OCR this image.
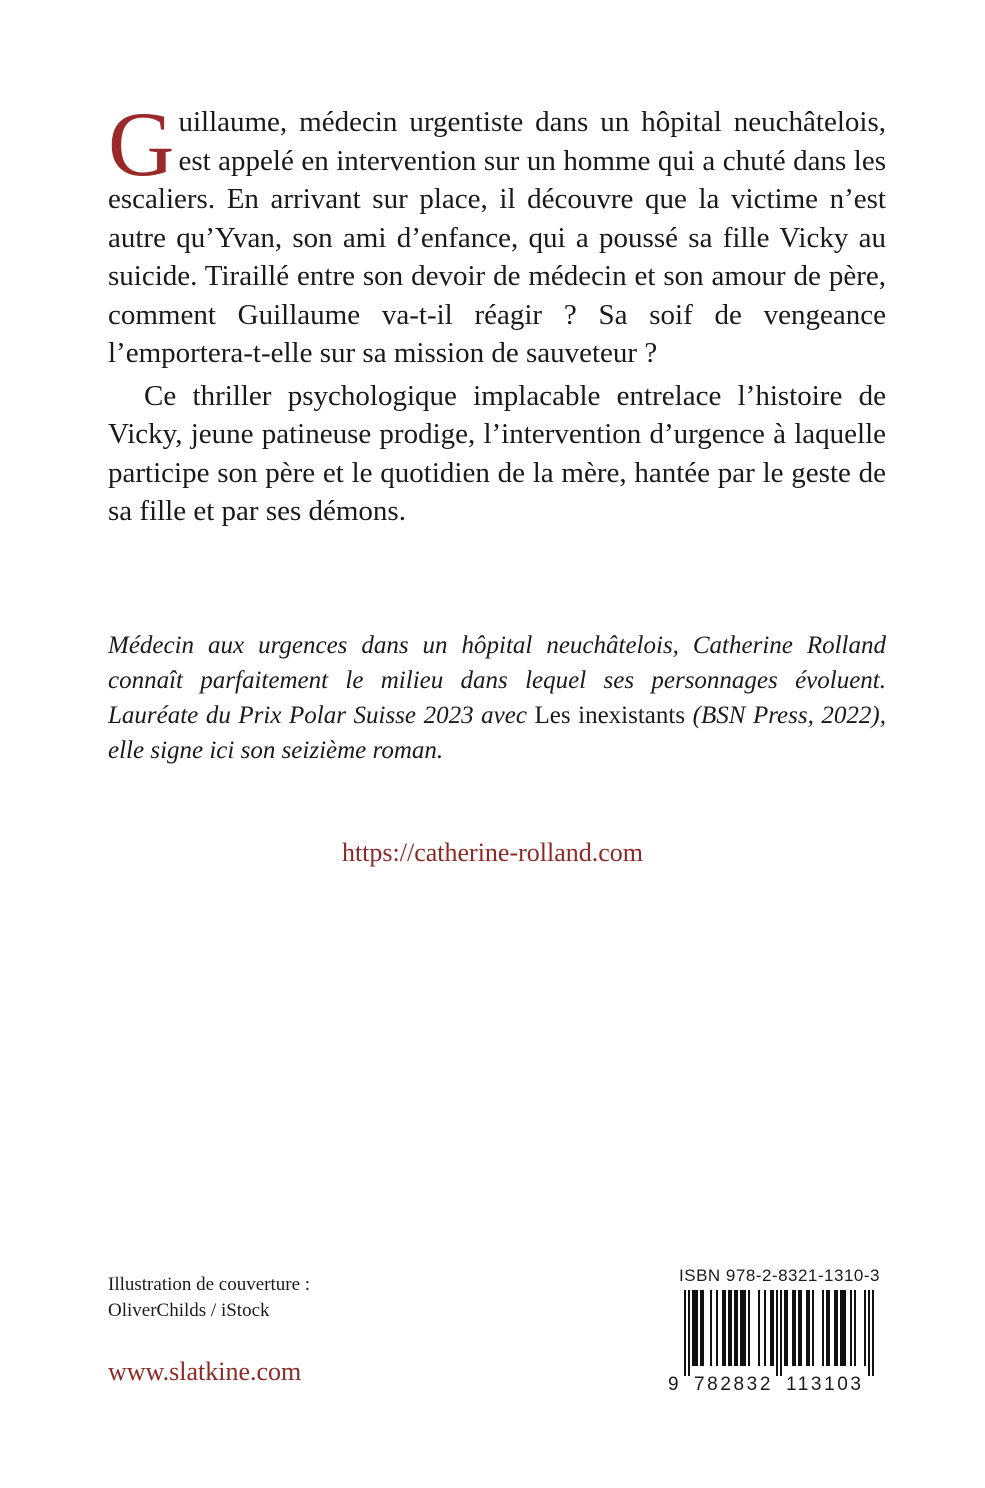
Guillaume, médecin urgentiste dans un hôpital neuchâtelois, est appelé en intervention sur un homme qui a chuté dans les escaliers. En arrivant sur place, il découvre que la victime n’est autre qu’Yvan, son ami d’enfance, qui a poussé sa fille Vicky au suicide. Tiraillé entre son devoir de médecin et son amour de père, comment Guillaume va-t-il réagir ? Sa soif de vengeance l’emportera-t-elle sur sa mission de sauveteur ?

Ce thriller psychologique implacable entrelace l’histoire de Vicky, jeune patineuse prodige, l’intervention d’urgence à laquelle participe son père et le quotidien de la mère, hantée par le geste de sa fille et par ses démons.

Médecin aux urgences dans un hôpital neuchâtelois, Catherine Rolland connaît parfaitement le milieu dans lequel ses personnages évoluent. Lauréate du Prix Polar Suisse 2023 avec Les inexistants (BSN Press, 2022), elle signe ici son seizième roman.

https://catherine-rolland.com
Illustration de couverture :
OliverChilds / iStock
www.slatkine.com
ISBN 978-2-8321-1310-3
9 782832 113103
